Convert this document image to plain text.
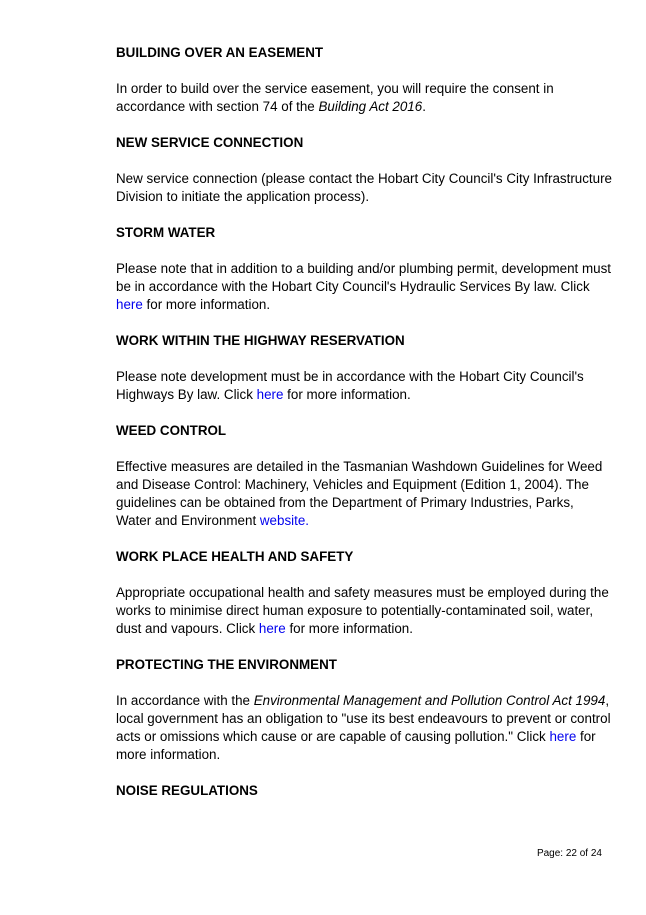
BUILDING OVER AN EASEMENT

In order to build over the service easement, you will require the consent in accordance with section 74 of the Building Act 2016.

NEW SERVICE CONNECTION

New service connection (please contact the Hobart City Council's City Infrastructure Division to initiate the application process).

STORM WATER

Please note that in addition to a building and/or plumbing permit, development must be in accordance with the Hobart City Council's Hydraulic Services By law. Click here for more information.

WORK WITHIN THE HIGHWAY RESERVATION

Please note development must be in accordance with the Hobart City Council's Highways By law. Click here for more information.

WEED CONTROL

Effective measures are detailed in the Tasmanian Washdown Guidelines for Weed and Disease Control: Machinery, Vehicles and Equipment (Edition 1, 2004). The guidelines can be obtained from the Department of Primary Industries, Parks, Water and Environment website.

WORK PLACE HEALTH AND SAFETY

Appropriate occupational health and safety measures must be employed during the works to minimise direct human exposure to potentially-contaminated soil, water, dust and vapours. Click here for more information.

PROTECTING THE ENVIRONMENT

In accordance with the Environmental Management and Pollution Control Act 1994, local government has an obligation to "use its best endeavours to prevent or control acts or omissions which cause or are capable of causing pollution." Click here for more information.

NOISE REGULATIONS
Page: 22 of 24
